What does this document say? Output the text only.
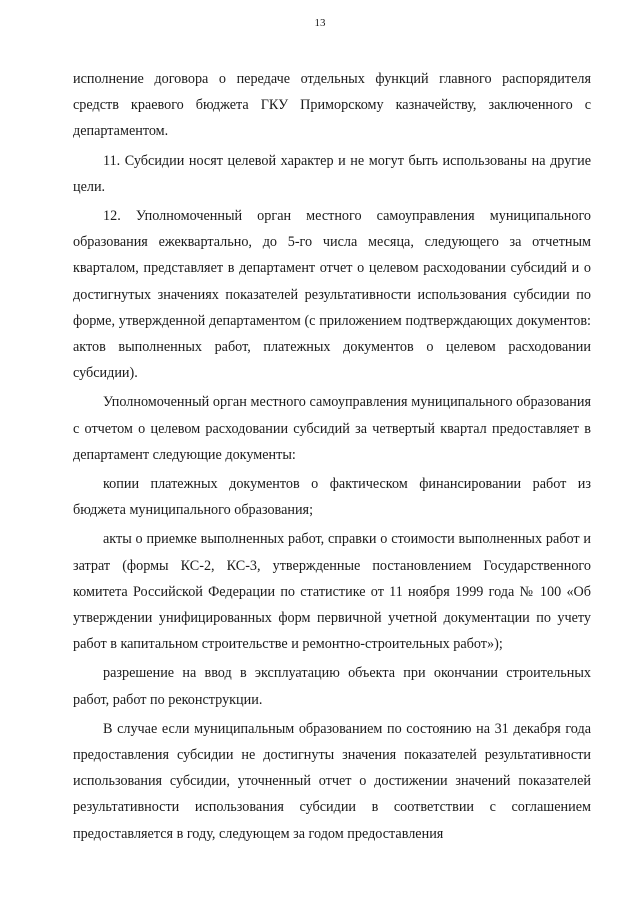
13

исполнение договора о передаче отдельных функций главного распорядителя средств краевого бюджета ГКУ Приморскому казначейству, заключенного с департаментом.

11. Субсидии носят целевой характер и не могут быть использованы на другие цели.

12. Уполномоченный орган местного самоуправления муниципального образования ежеквартально, до 5-го числа месяца, следующего за отчетным кварталом, представляет в департамент отчет о целевом расходовании субсидий и о достигнутых значениях показателей результативности использования субсидии по форме, утвержденной департаментом (с приложением подтверждающих документов: актов выполненных работ, платежных документов о целевом расходовании субсидии).

Уполномоченный орган местного самоуправления муниципального образования с отчетом о целевом расходовании субсидий за четвертый квартал предоставляет в департамент следующие документы:

копии платежных документов о фактическом финансировании работ из бюджета муниципального образования;

акты о приемке выполненных работ, справки о стоимости выполненных работ и затрат (формы КС-2, КС-3, утвержденные постановлением Государственного комитета Российской Федерации по статистике от 11 ноября 1999 года № 100 «Об утверждении унифицированных форм первичной учетной документации по учету работ в капитальном строительстве и ремонтно-строительных работ»);

разрешение на ввод в эксплуатацию объекта при окончании строительных работ, работ по реконструкции.

В случае если муниципальным образованием по состоянию на 31 декабря года предоставления субсидии не достигнуты значения показателей результативности использования субсидии, уточненный отчет о достижении значений показателей результативности использования субсидии в соответствии с соглашением предоставляется в году, следующем за годом предоставления
